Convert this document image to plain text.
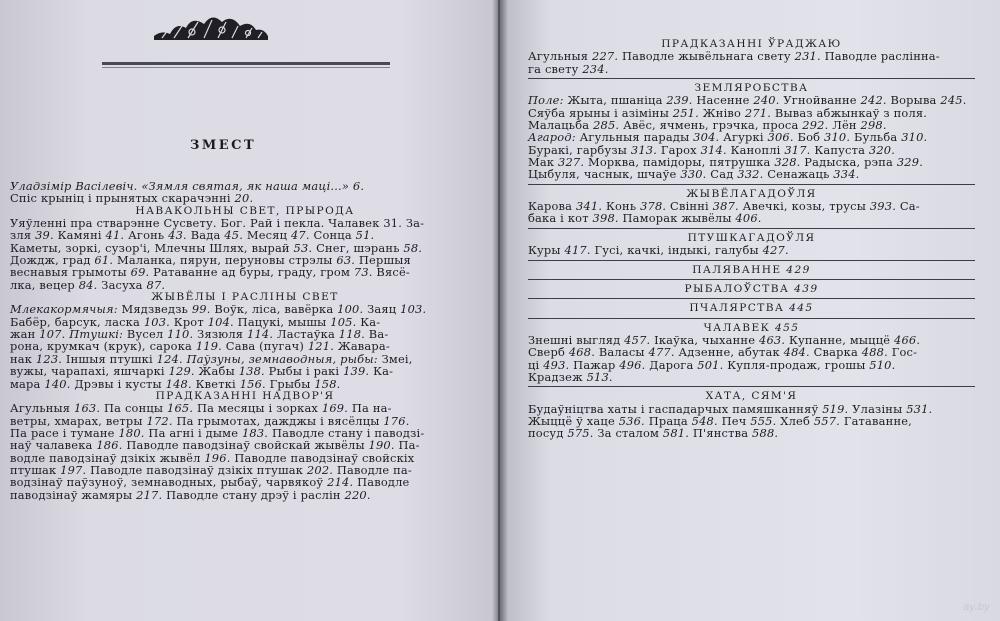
ЗМЕСТ
Уладзімір Васілевіч. «Зямля святая, як наша маці...» 6.
Спіс крыніц і прынятых скарачэнні 20.
НАВАКОЛЬНЫ СВЕТ, ПРЫРОДА
Уяўленні пра стварэнне Сусвету. Бог. Рай і пекла. Чалавек 31. За-
зля 39. Камяні 41. Агонь 43. Вада 45. Месяц 47. Сонца 51.
Каметы, зоркі, сузор'і, Млечны Шлях, вырай 53. Снег, шэрань 58.
Дождж, град 61. Маланка, пярун, перуновы стрэлы 63. Першыя
веснавыя грымоты 69. Ратаванне ад буры, граду, гром 73. Вясё-
лка, вецер 84. Засуха 87.
ЖЫВЁЛЫ І РАСЛІНЫ СВЕТ
Млекакормячыя: Мядзведзь 99. Воўк, ліса, вавёрка 100. Заяц 103.
Бабёр, барсук, ласка 103. Крот 104. Пацукі, мышы 105. Ка-
жан 107. Птушкі: Вусел 110. Зязюля 114. Ластаўка 118. Ва-
рона, крумкач (крук), сарока 119. Сава (пугач) 121. Жавара-
нак 123. Іншыя птушкі 124. Паўзуны, земнаводныя, рыбы: Змеі,
вужы, чарапахі, яшчаркі 129. Жабы 138. Рыбы і ракі 139. Ка-
мара 140. Дрэвы і кусты 148. Кветкі 156. Грыбы 158.
ПРАДКАЗАННІ НАДВОР'Я
Агульныя 163. Па сонцы 165. Па месяцы і зорках 169. Па на-
ветры, хмарах, ветры 172. Па грымотах, дажджы і вясёлцы 176.
Па расе і тумане 180. Па агні і дыме 183. Паводле стану і паводзі-
наў чалавека 186. Паводле паводзінаў свойскай жывёлы 190. Па-
водле паводзінаў дзікіх жывёл 196. Паводле паводзінаў свойскіх
птушак 197. Паводле паводзінаў дзікіх птушак 202. Паводле па-
водзінаў паўзуноў, земнаводных, рыбаў, чарвякоў 214. Паводле
паводзінаў жамяры 217. Паводле стану дрэў і раслін 220.
ПРАДКАЗАННІ ЎРАДЖАЮ
Агульныя 227. Паводле жывёльнага свету 231. Паводле раслінна-
га свету 234.
ЗЕМЛЯРОБСТВА
Поле: Жыта, пшаніца 239. Насенне 240. Угнойванне 242. Ворыва 245.
Сяўба ярыны і азіміны 251. Жніво 271. Вываз абжынкаў з поля.
Малацьба 285. Авёс, ячмень, грэчка, проса 292. Лён 298.
Агарод: Агульныя парады 304. Агуркі 306. Боб 310. Бульба 310.
Буракі, гарбузы 313. Гарох 314. Каноплі 317. Капуста 320.
Мак 327. Морква, памідоры, пятрушка 328. Радыска, рэпа 329.
Цыбуля, часнык, шчаўе 330. Сад 332. Сенажаць 334.
ЖЫВЁЛАГАДОЎЛЯ
Карова 341. Конь 378. Свінні 387. Авечкі, козы, трусы 393. Са-
бака і кот 398. Паморак жывёлы 406.
ПТУШКАГАДОЎЛЯ
Куры 417. Гусі, качкі, індыкі, галубы 427.
ПАЛЯВАННЕ 429
РЫБАЛОЎСТВА 439
ПЧАЛЯРСТВА 445
ЧАЛАВЕК 455
Знешні выгляд 457. Ікаўка, чыханне 463. Купанне, мыццё 466.
Сверб 468. Валасы 477. Адзенне, абутак 484. Сварка 488. Гос-
ці 493. Пажар 496. Дарога 501. Купля-продаж, грошы 510.
Крадзеж 513.
ХАТА, СЯМ'Я
Будаўніцтва хаты і гаспадарчых памяшканняў 519. Улазіны 531.
Жыццё ў хаце 536. Праца 548. Печ 555. Хлеб 557. Гатаванне,
посуд 575. За сталом 581. П'янства 588.
ay.by
